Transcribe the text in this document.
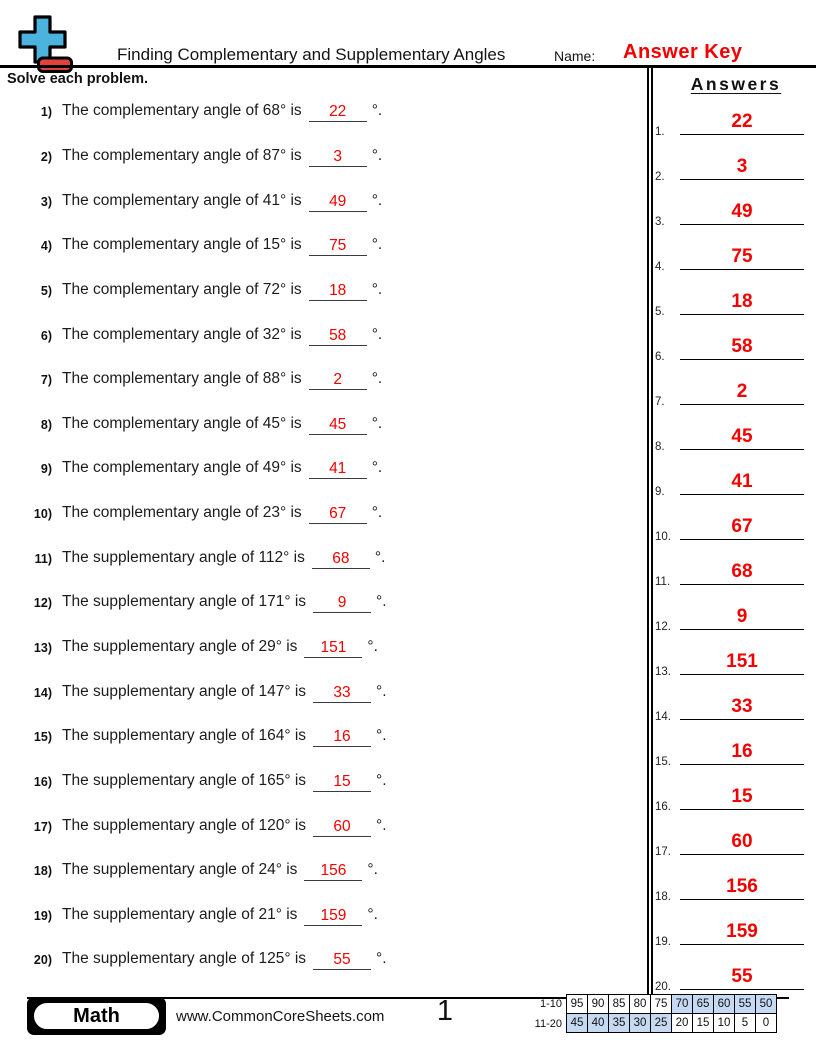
Finding Complementary and Supplementary Angles	Name: Answer Key
Solve each problem.
1) The complementary angle of 68° is 22 °.
2) The complementary angle of 87° is 3 °.
3) The complementary angle of 41° is 49 °.
4) The complementary angle of 15° is 75 °.
5) The complementary angle of 72° is 18 °.
6) The complementary angle of 32° is 58 °.
7) The complementary angle of 88° is 2 °.
8) The complementary angle of 45° is 45 °.
9) The complementary angle of 49° is 41 °.
10) The complementary angle of 23° is 67 °.
11) The supplementary angle of 112° is 68 °.
12) The supplementary angle of 171° is 9 °.
13) The supplementary angle of 29° is 151 °.
14) The supplementary angle of 147° is 33 °.
15) The supplementary angle of 164° is 16 °.
16) The supplementary angle of 165° is 15 °.
17) The supplementary angle of 120° is 60 °.
18) The supplementary angle of 24° is 156 °.
19) The supplementary angle of 21° is 159 °.
20) The supplementary angle of 125° is 55 °.
Answers
1.	22
2.	3
3.	49
4.	75
5.	18
6.	58
7.	2
8.	45
9.	41
10.	67
11.	68
12.	9
13.	151
14.	33
15.	16
16.	15
17.	60
18.	156
19.	159
20.	55
Math	www.CommonCoreSheets.com	1	1-10 95 90 85 80 75 70 65 60 55 50
11-20 45 40 35 30 25 20 15 10 5	0
